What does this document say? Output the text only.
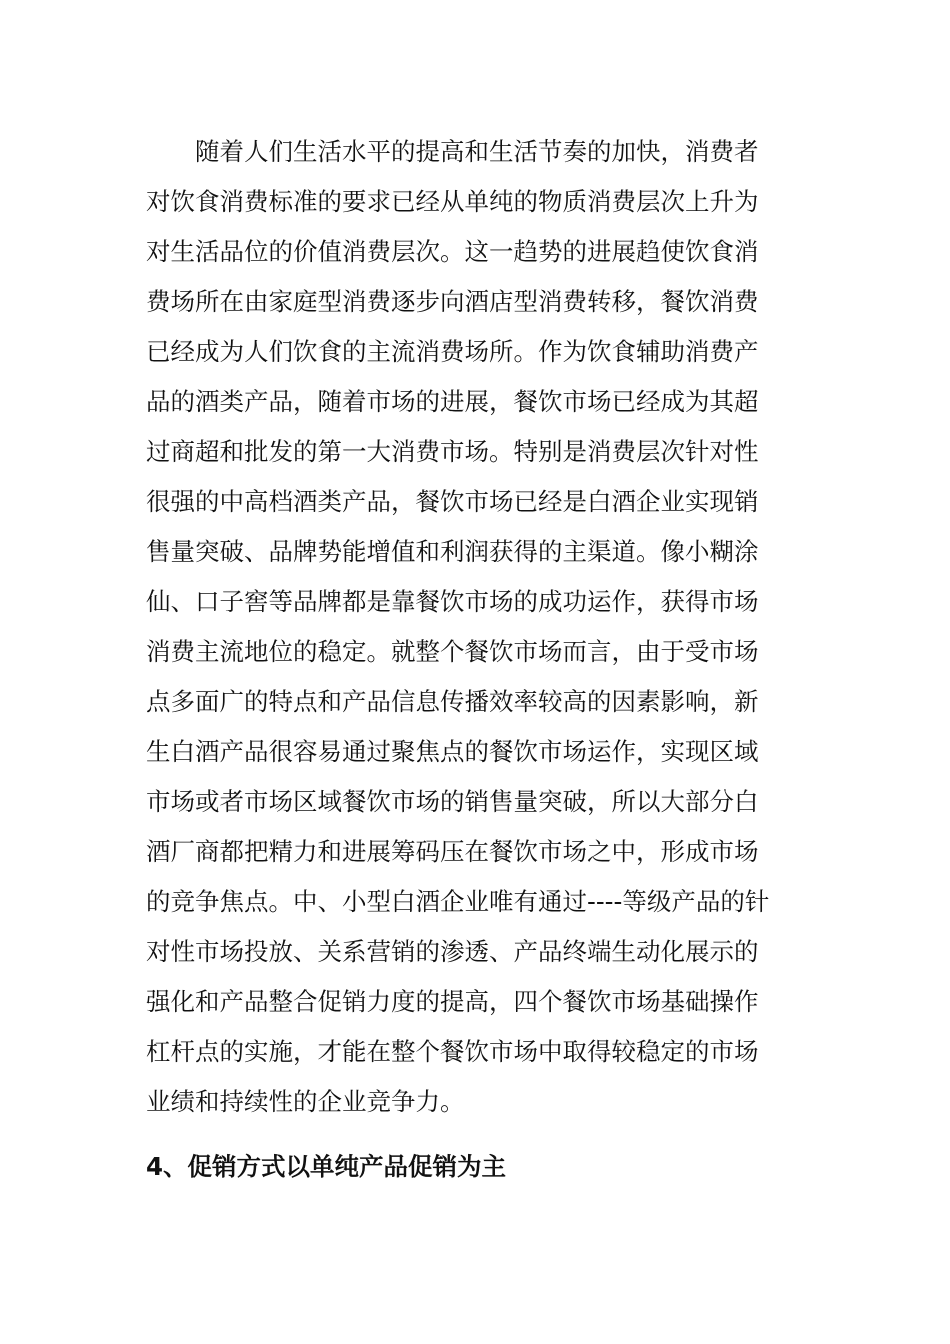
随着人们生活水平的提高和生活节奏的加快，消费者
对饮食消费标准的要求已经从单纯的物质消费层次上升为
对生活品位的价值消费层次。这一趋势的进展趋使饮食消
费场所在由家庭型消费逐步向酒店型消费转移，餐饮消费
已经成为人们饮食的主流消费场所。作为饮食辅助消费产
品的酒类产品，随着市场的进展，餐饮市场已经成为其超
过商超和批发的第一大消费市场。特别是消费层次针对性
很强的中高档酒类产品，餐饮市场已经是白酒企业实现销
售量突破、品牌势能增值和利润获得的主渠道。像小糊涂
仙、口子窖等品牌都是靠餐饮市场的成功运作，获得市场
消费主流地位的稳定。就整个餐饮市场而言，由于受市场
点多面广的特点和产品信息传播效率较高的因素影响，新
生白酒产品很容易通过聚焦点的餐饮市场运作，实现区域
市场或者市场区域餐饮市场的销售量突破，所以大部分白
酒厂商都把精力和进展筹码压在餐饮市场之中，形成市场
的竞争焦点。中、小型白酒企业唯有通过----等级产品的针
对性市场投放、关系营销的渗透、产品终端生动化展示的
强化和产品整合促销力度的提高，四个餐饮市场基础操作
杠杆点的实施，才能在整个餐饮市场中取得较稳定的市场
业绩和持续性的企业竞争力。
4、促销方式以单纯产品促销为主
